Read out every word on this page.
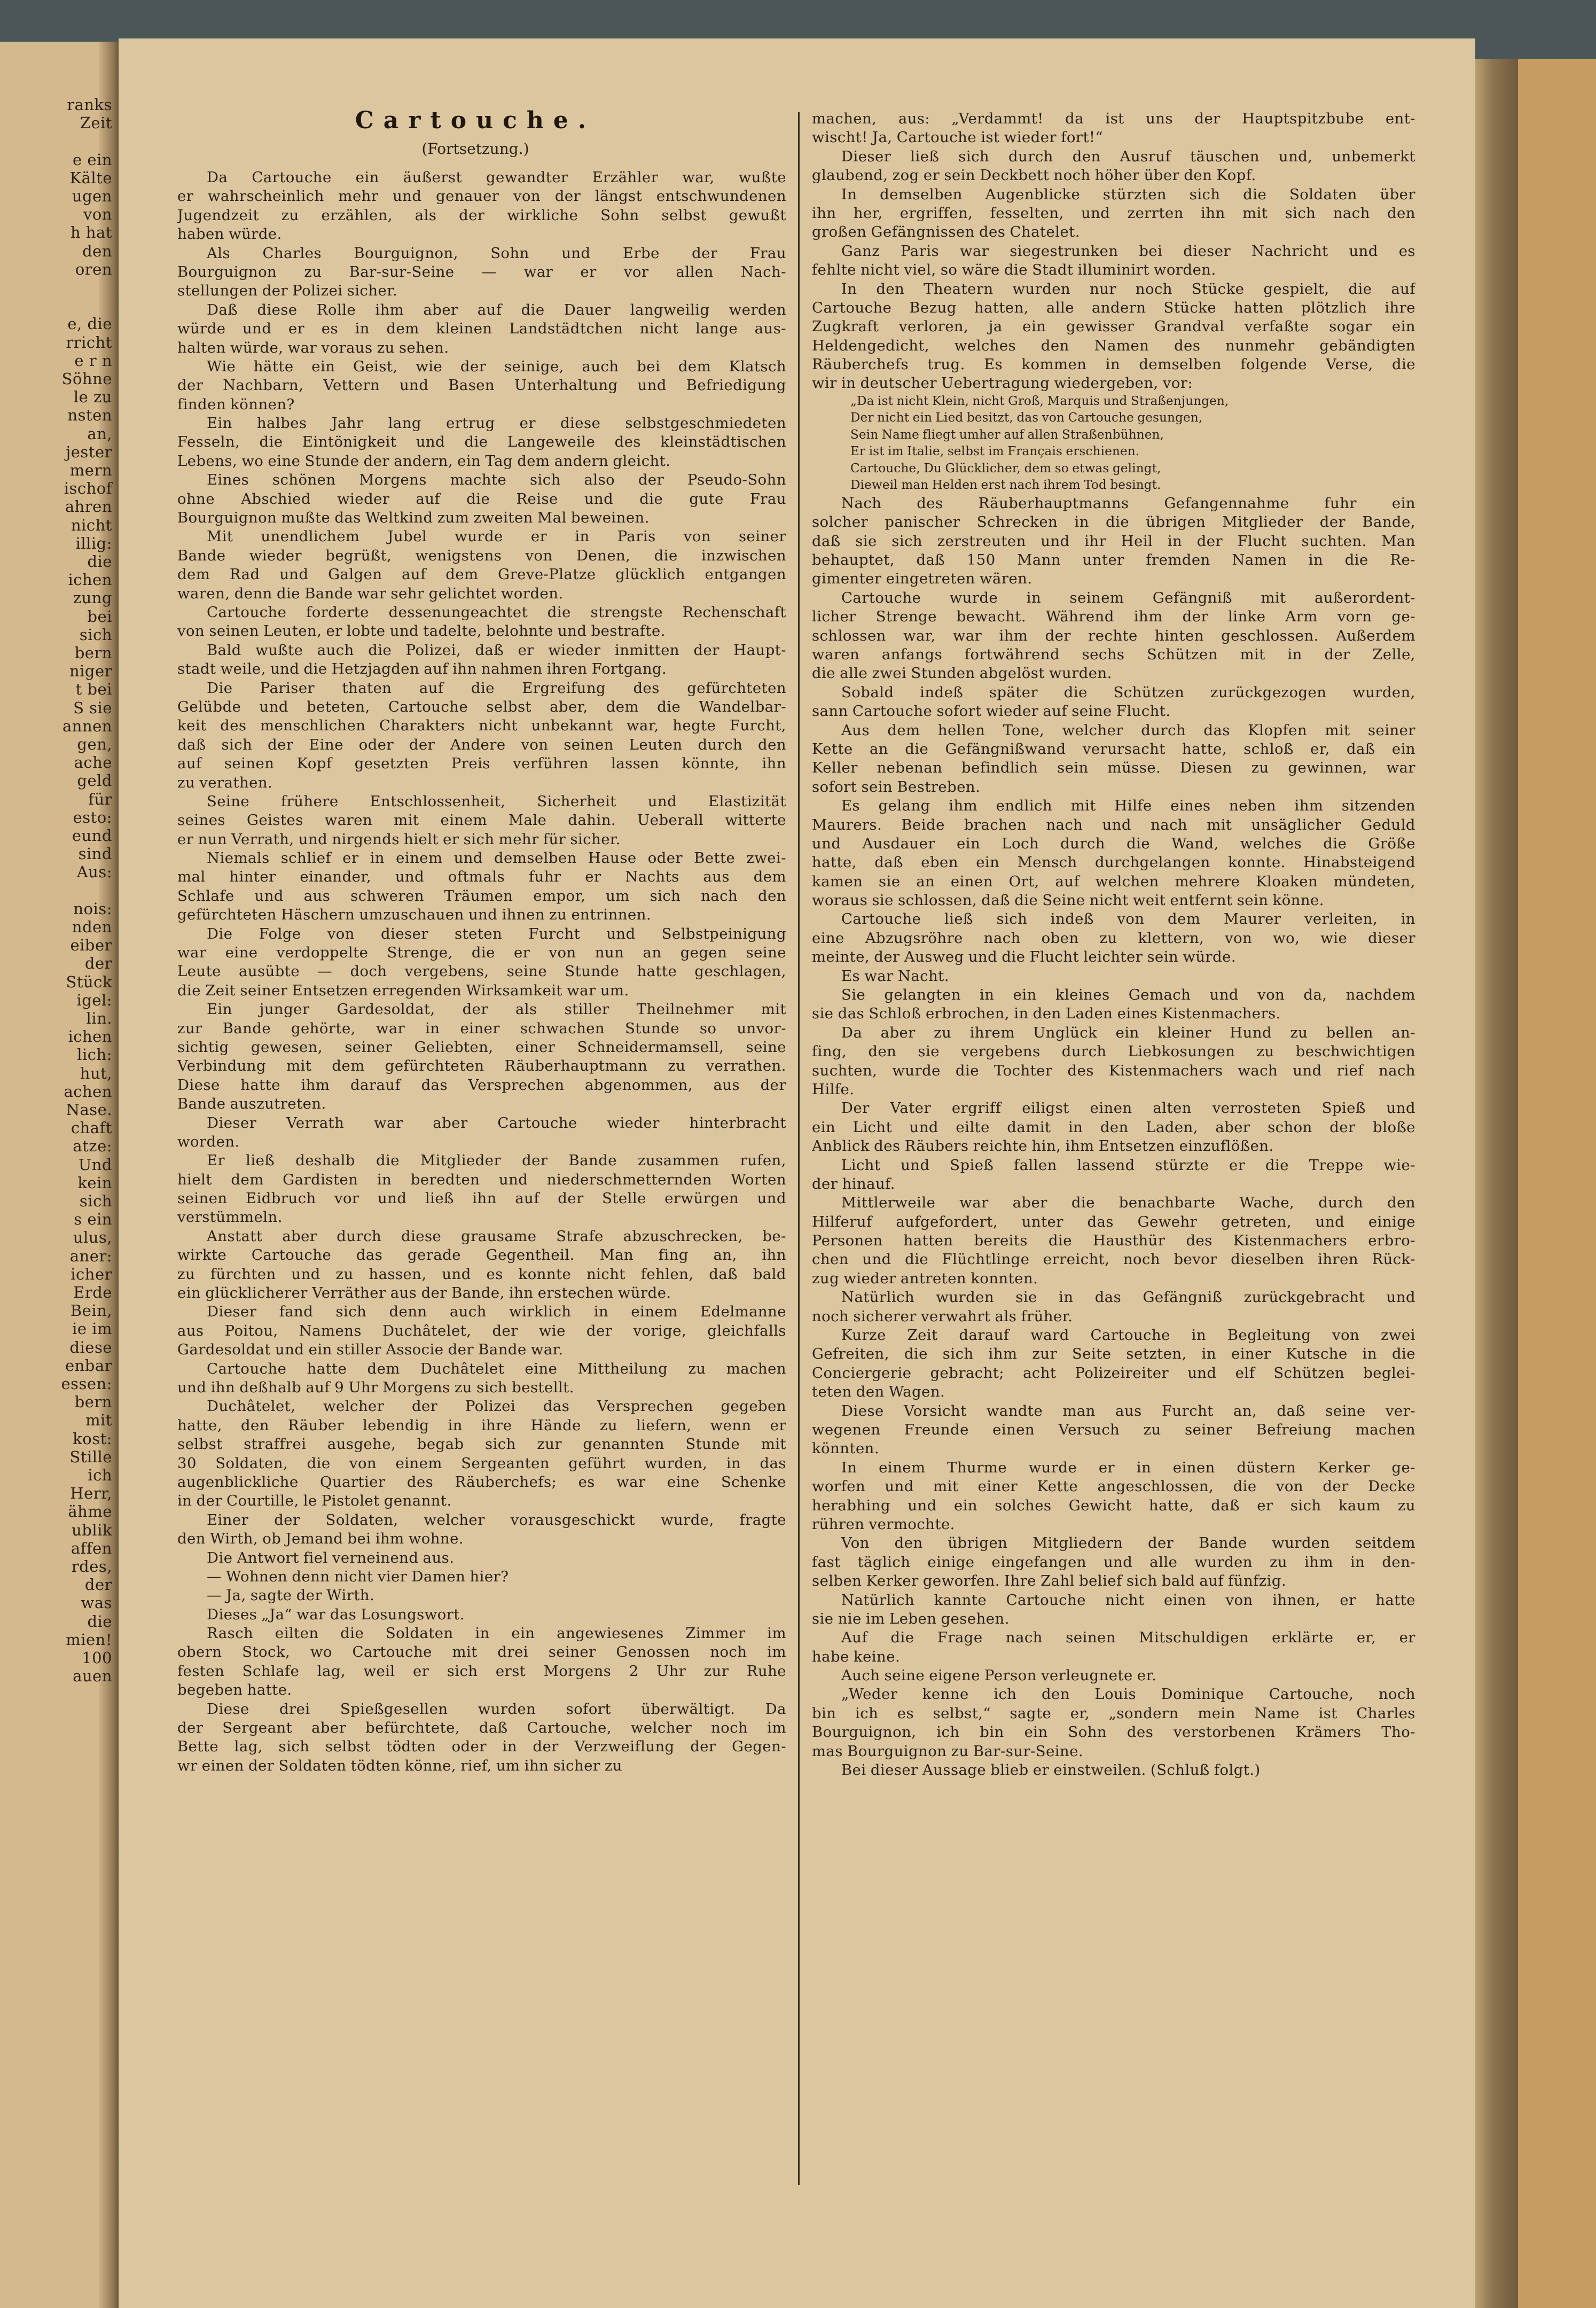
ranks
Zeit
e ein
Kälte
ugen
von
h hat
den
oren
e, die
rricht
e r n
Söhne
le zu
nsten
an,
jester
mern
ischof
ahren
nicht
illig:
die
ichen
zung
bei
sich
bern
niger
t bei
S sie
annen
gen,
ache
geld
für
esto:
eund
sind
Aus:
nois:
nden
eiber
der
Stück
igel:
lin.
ichen
lich:
hut,
achen
Nase.
chaft
atze:
Und
kein
sich
s ein
ulus,
aner:
icher
Erde
Bein,
ie im
diese
enbar
essen:
bern
mit
kost:
Stille
ich
Herr,
ähme
ublik
affen
rdes,
der
was
die
mien!
100
auen
Cartouche.
(Fortsetzung.)
Da Cartouche ein äußerst gewandter Erzähler war, wußte
er wahrscheinlich mehr und genauer von der längst entschwundenen
Jugendzeit zu erzählen, als der wirkliche Sohn selbst gewußt
haben würde.
Als Charles Bourguignon, Sohn und Erbe der Frau
Bourguignon zu Bar-sur-Seine — war er vor allen Nach-
stellungen der Polizei sicher.
Daß diese Rolle ihm aber auf die Dauer langweilig werden
würde und er es in dem kleinen Landstädtchen nicht lange aus-
halten würde, war voraus zu sehen.
Wie hätte ein Geist, wie der seinige, auch bei dem Klatsch
der Nachbarn, Vettern und Basen Unterhaltung und Befriedigung
finden können?
Ein halbes Jahr lang ertrug er diese selbstgeschmiedeten
Fesseln, die Eintönigkeit und die Langeweile des kleinstädtischen
Lebens, wo eine Stunde der andern, ein Tag dem andern gleicht.
Eines schönen Morgens machte sich also der Pseudo-Sohn
ohne Abschied wieder auf die Reise und die gute Frau
Bourguignon mußte das Weltkind zum zweiten Mal beweinen.
Mit unendlichem Jubel wurde er in Paris von seiner
Bande wieder begrüßt, wenigstens von Denen, die inzwischen
dem Rad und Galgen auf dem Greve-Platze glücklich entgangen
waren, denn die Bande war sehr gelichtet worden.
Cartouche forderte dessenungeachtet die strengste Rechenschaft
von seinen Leuten, er lobte und tadelte, belohnte und bestrafte.
Bald wußte auch die Polizei, daß er wieder inmitten der Haupt-
stadt weile, und die Hetzjagden auf ihn nahmen ihren Fortgang.
Die Pariser thaten auf die Ergreifung des gefürchteten
Gelübde und beteten, Cartouche selbst aber, dem die Wandelbar-
keit des menschlichen Charakters nicht unbekannt war, hegte Furcht,
daß sich der Eine oder der Andere von seinen Leuten durch den
auf seinen Kopf gesetzten Preis verführen lassen könnte, ihn
zu verathen.
Seine frühere Entschlossenheit, Sicherheit und Elastizität
seines Geistes waren mit einem Male dahin. Ueberall witterte
er nun Verrath, und nirgends hielt er sich mehr für sicher.
Niemals schlief er in einem und demselben Hause oder Bette zwei-
mal hinter einander, und oftmals fuhr er Nachts aus dem
Schlafe und aus schweren Träumen empor, um sich nach den
gefürchteten Häschern umzuschauen und ihnen zu entrinnen.
Die Folge von dieser steten Furcht und Selbstpeinigung
war eine verdoppelte Strenge, die er von nun an gegen seine
Leute ausübte — doch vergebens, seine Stunde hatte geschlagen,
die Zeit seiner Entsetzen erregenden Wirksamkeit war um.
Ein junger Gardesoldat, der als stiller Theilnehmer mit
zur Bande gehörte, war in einer schwachen Stunde so unvor-
sichtig gewesen, seiner Geliebten, einer Schneidermamsell, seine
Verbindung mit dem gefürchteten Räuberhauptmann zu verrathen.
Diese hatte ihm darauf das Versprechen abgenommen, aus der
Bande auszutreten.
Dieser Verrath war aber Cartouche wieder hinterbracht
worden.
Er ließ deshalb die Mitglieder der Bande zusammen rufen,
hielt dem Gardisten in beredten und niederschmetternden Worten
seinen Eidbruch vor und ließ ihn auf der Stelle erwürgen und
verstümmeln.
Anstatt aber durch diese grausame Strafe abzuschrecken, be-
wirkte Cartouche das gerade Gegentheil. Man fing an, ihn
zu fürchten und zu hassen, und es konnte nicht fehlen, daß bald
ein glücklicherer Verräther aus der Bande, ihn erstechen würde.
Dieser fand sich denn auch wirklich in einem Edelmanne
aus Poitou, Namens Duchâtelet, der wie der vorige, gleichfalls
Gardesoldat und ein stiller Associe der Bande war.
Cartouche hatte dem Duchâtelet eine Mittheilung zu machen
und ihn deßhalb auf 9 Uhr Morgens zu sich bestellt.
Duchâtelet, welcher der Polizei das Versprechen gegeben
hatte, den Räuber lebendig in ihre Hände zu liefern, wenn er
selbst straffrei ausgehe, begab sich zur genannten Stunde mit
30 Soldaten, die von einem Sergeanten geführt wurden, in das
augenblickliche Quartier des Räuberchefs; es war eine Schenke
in der Courtille, le Pistolet genannt.
Einer der Soldaten, welcher vorausgeschickt wurde, fragte
den Wirth, ob Jemand bei ihm wohne.
Die Antwort fiel verneinend aus.
— Wohnen denn nicht vier Damen hier?
— Ja, sagte der Wirth.
Dieses „Ja“ war das Losungswort.
Rasch eilten die Soldaten in ein angewiesenes Zimmer im
obern Stock, wo Cartouche mit drei seiner Genossen noch im
festen Schlafe lag, weil er sich erst Morgens 2 Uhr zur Ruhe
begeben hatte.
Diese drei Spießgesellen wurden sofort überwältigt. Da
der Sergeant aber befürchtete, daß Cartouche, welcher noch im
Bette lag, sich selbst tödten oder in der Verzweiflung der Gegen-
wr einen der Soldaten tödten könne, rief, um ihn sicher zu
machen, aus: „Verdammt! da ist uns der Hauptspitzbube ent-
wischt! Ja, Cartouche ist wieder fort!“
Dieser ließ sich durch den Ausruf täuschen und, unbemerkt
glaubend, zog er sein Deckbett noch höher über den Kopf.
In demselben Augenblicke stürzten sich die Soldaten über
ihn her, ergriffen, fesselten, und zerrten ihn mit sich nach den
großen Gefängnissen des Chatelet.
Ganz Paris war siegestrunken bei dieser Nachricht und es
fehlte nicht viel, so wäre die Stadt illuminirt worden.
In den Theatern wurden nur noch Stücke gespielt, die auf
Cartouche Bezug hatten, alle andern Stücke hatten plötzlich ihre
Zugkraft verloren, ja ein gewisser Grandval verfaßte sogar ein
Heldengedicht, welches den Namen des nunmehr gebändigten
Räuberchefs trug. Es kommen in demselben folgende Verse, die
wir in deutscher Uebertragung wiedergeben, vor:
„Da ist nicht Klein, nicht Groß, Marquis und Straßenjungen,
Der nicht ein Lied besitzt, das von Cartouche gesungen,
Sein Name fliegt umher auf allen Straßenbühnen,
Er ist im Italie, selbst im Français erschienen.
Cartouche, Du Glücklicher, dem so etwas gelingt,
Dieweil man Helden erst nach ihrem Tod besingt.
Nach des Räuberhauptmanns Gefangennahme fuhr ein
solcher panischer Schrecken in die übrigen Mitglieder der Bande,
daß sie sich zerstreuten und ihr Heil in der Flucht suchten. Man
behauptet, daß 150 Mann unter fremden Namen in die Re-
gimenter eingetreten wären.
Cartouche wurde in seinem Gefängniß mit außerordent-
licher Strenge bewacht. Während ihm der linke Arm vorn ge-
schlossen war, war ihm der rechte hinten geschlossen. Außerdem
waren anfangs fortwährend sechs Schützen mit in der Zelle,
die alle zwei Stunden abgelöst wurden.
Sobald indeß später die Schützen zurückgezogen wurden,
sann Cartouche sofort wieder auf seine Flucht.
Aus dem hellen Tone, welcher durch das Klopfen mit seiner
Kette an die Gefängnißwand verursacht hatte, schloß er, daß ein
Keller nebenan befindlich sein müsse. Diesen zu gewinnen, war
sofort sein Bestreben.
Es gelang ihm endlich mit Hilfe eines neben ihm sitzenden
Maurers. Beide brachen nach und nach mit unsäglicher Geduld
und Ausdauer ein Loch durch die Wand, welches die Größe
hatte, daß eben ein Mensch durchgelangen konnte. Hinabsteigend
kamen sie an einen Ort, auf welchen mehrere Kloaken mündeten,
woraus sie schlossen, daß die Seine nicht weit entfernt sein könne.
Cartouche ließ sich indeß von dem Maurer verleiten, in
eine Abzugsröhre nach oben zu klettern, von wo, wie dieser
meinte, der Ausweg und die Flucht leichter sein würde.
Es war Nacht.
Sie gelangten in ein kleines Gemach und von da, nachdem
sie das Schloß erbrochen, in den Laden eines Kistenmachers.
Da aber zu ihrem Unglück ein kleiner Hund zu bellen an-
fing, den sie vergebens durch Liebkosungen zu beschwichtigen
suchten, wurde die Tochter des Kistenmachers wach und rief nach
Hilfe.
Der Vater ergriff eiligst einen alten verrosteten Spieß und
ein Licht und eilte damit in den Laden, aber schon der bloße
Anblick des Räubers reichte hin, ihm Entsetzen einzuflößen.
Licht und Spieß fallen lassend stürzte er die Treppe wie-
der hinauf.
Mittlerweile war aber die benachbarte Wache, durch den
Hilferuf aufgefordert, unter das Gewehr getreten, und einige
Personen hatten bereits die Hausthür des Kistenmachers erbro-
chen und die Flüchtlinge erreicht, noch bevor dieselben ihren Rück-
zug wieder antreten konnten.
Natürlich wurden sie in das Gefängniß zurückgebracht und
noch sicherer verwahrt als früher.
Kurze Zeit darauf ward Cartouche in Begleitung von zwei
Gefreiten, die sich ihm zur Seite setzten, in einer Kutsche in die
Conciergerie gebracht; acht Polizeireiter und elf Schützen beglei-
teten den Wagen.
Diese Vorsicht wandte man aus Furcht an, daß seine ver-
wegenen Freunde einen Versuch zu seiner Befreiung machen
könnten.
In einem Thurme wurde er in einen düstern Kerker ge-
worfen und mit einer Kette angeschlossen, die von der Decke
herabhing und ein solches Gewicht hatte, daß er sich kaum zu
rühren vermochte.
Von den übrigen Mitgliedern der Bande wurden seitdem
fast täglich einige eingefangen und alle wurden zu ihm in den-
selben Kerker geworfen. Ihre Zahl belief sich bald auf fünfzig.
Natürlich kannte Cartouche nicht einen von ihnen, er hatte
sie nie im Leben gesehen.
Auf die Frage nach seinen Mitschuldigen erklärte er, er
habe keine.
Auch seine eigene Person verleugnete er.
„Weder kenne ich den Louis Dominique Cartouche, noch
bin ich es selbst,“ sagte er, „sondern mein Name ist Charles
Bourguignon, ich bin ein Sohn des verstorbenen Krämers Tho-
mas Bourguignon zu Bar-sur-Seine.
Bei dieser Aussage blieb er einstweilen. (Schluß folgt.)
